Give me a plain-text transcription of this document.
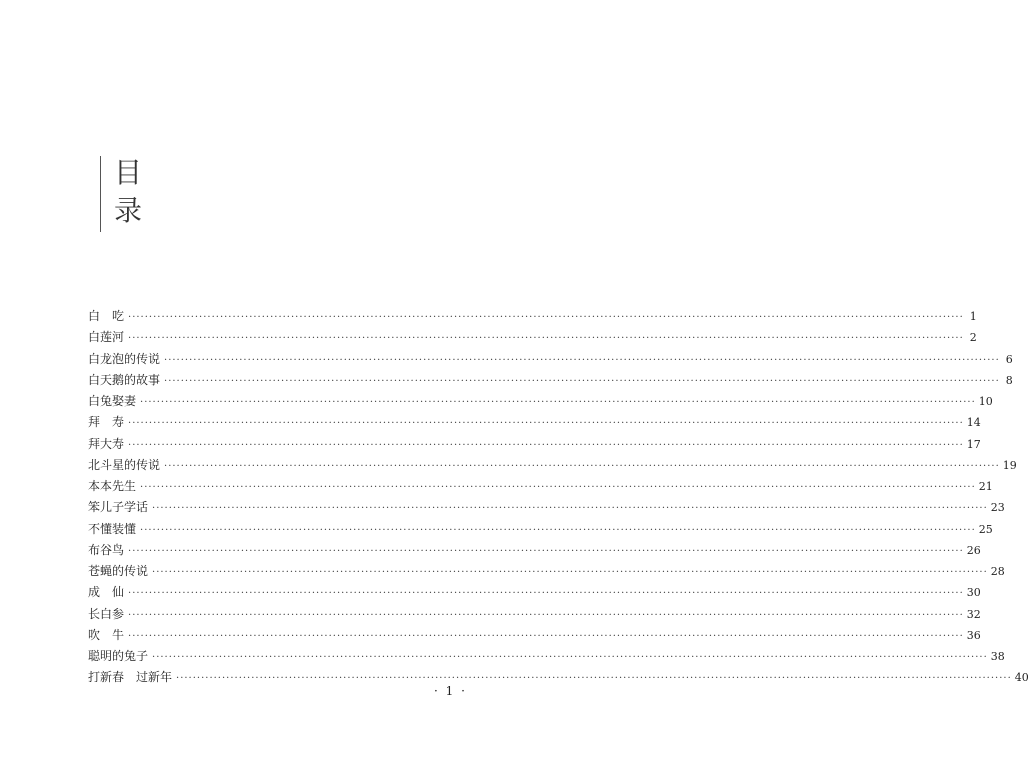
目
录
白　吃 ········································································································································································································ 1
白莲河 ········································································································································································································ 2
白龙泡的传说 ········································································································································································································ 6
白天鹅的故事 ········································································································································································································ 8
白兔娶妻 ········································································································································································································ 10
拜　寿 ········································································································································································································ 14
拜大寿 ········································································································································································································ 17
北斗星的传说 ········································································································································································································ 19
本本先生 ········································································································································································································ 21
笨儿子学话 ········································································································································································································ 23
不懂装懂 ········································································································································································································ 25
布谷鸟 ········································································································································································································ 26
苍蝇的传说 ········································································································································································································ 28
成　仙 ········································································································································································································ 30
长白参 ········································································································································································································ 32
吹　牛 ········································································································································································································ 36
聪明的兔子 ········································································································································································································ 38
打新春　过新年 ········································································································································································································ 40
· 1 ·
